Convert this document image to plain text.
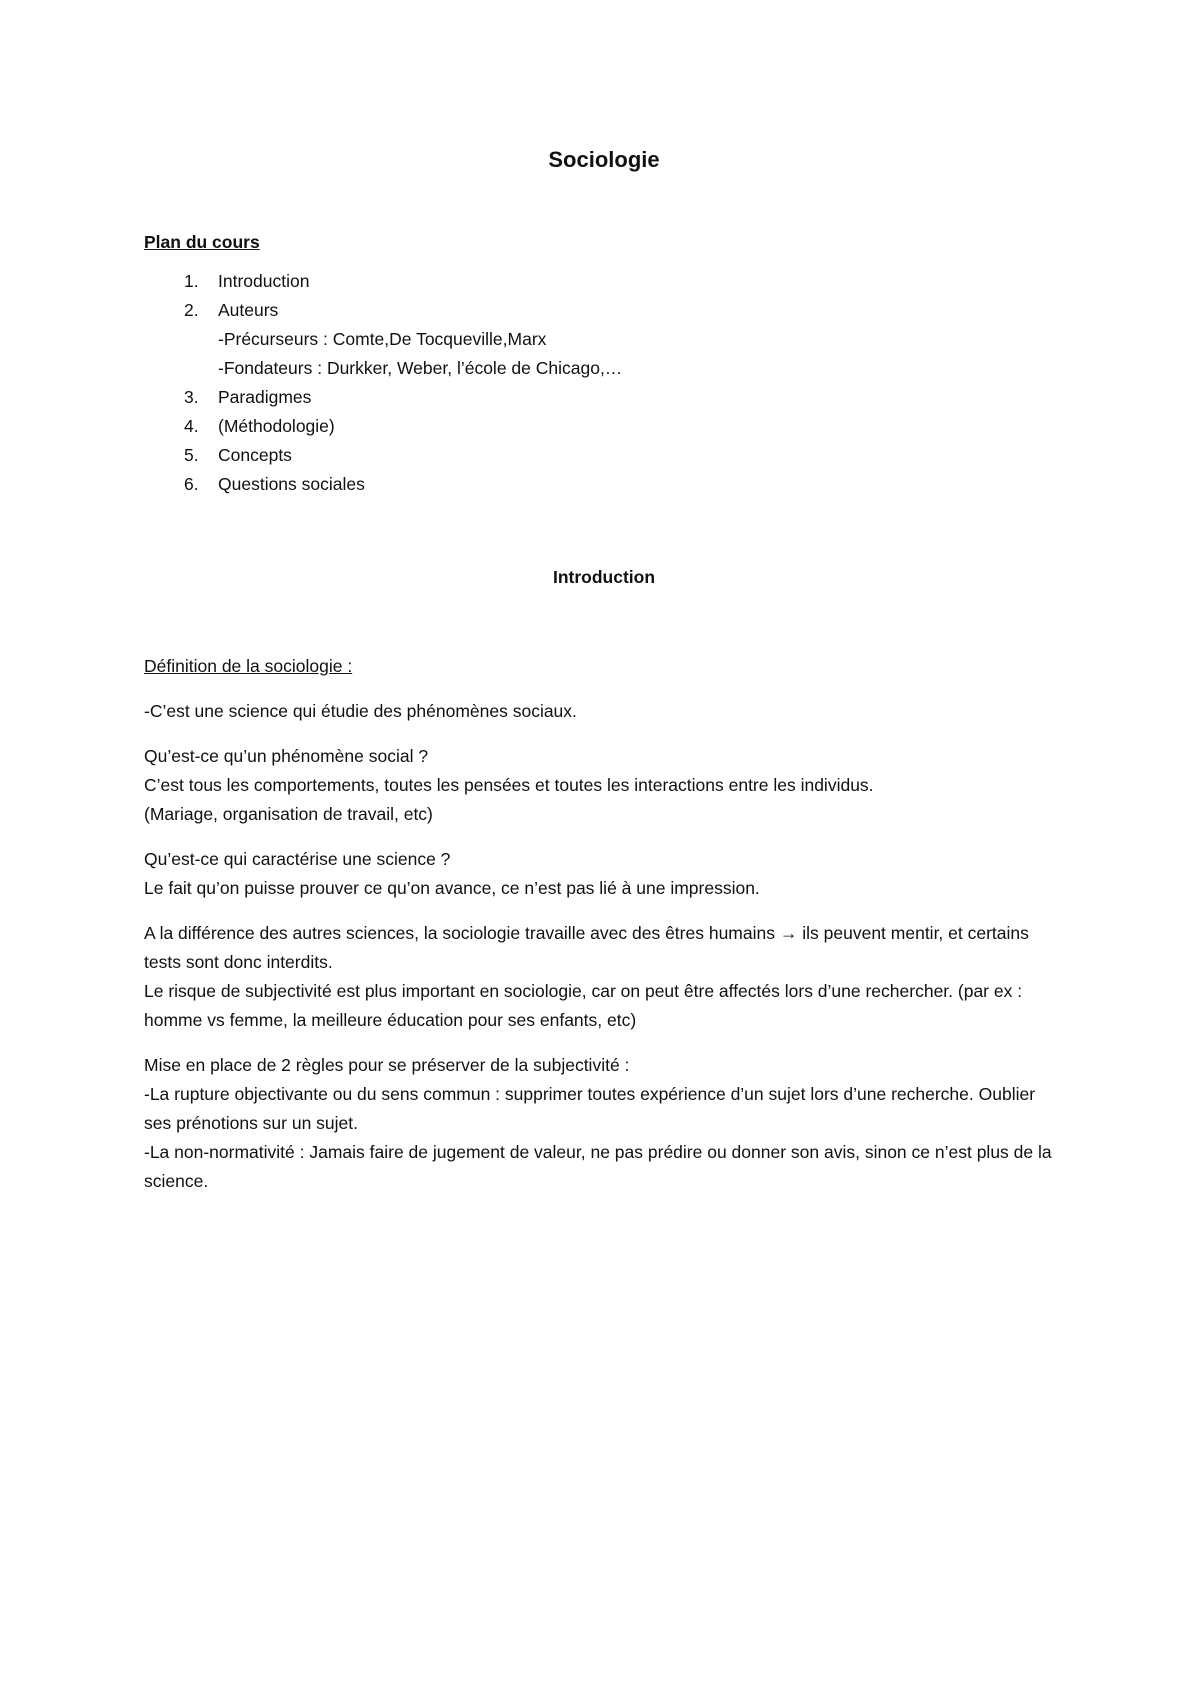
Sociologie
Plan du cours
1.	Introduction
2.	Auteurs
-Précurseurs : Comte,De Tocqueville,Marx
-Fondateurs : Durkker, Weber, l’école de Chicago,…
3.	Paradigmes
4.	(Méthodologie)
5.	Concepts
6.	Questions sociales
Introduction
Définition de la sociologie :

-C’est une science qui étudie des phénomènes sociaux.

Qu’est-ce qu’un phénomène social ?

C’est tous les comportements, toutes les pensées et toutes les interactions entre les individus.

(Mariage, organisation de travail, etc)

Qu’est-ce qui caractérise une science ?

Le fait qu’on puisse prouver ce qu’on avance, ce n’est pas lié à une impression.

A la différence des autres sciences, la sociologie travaille avec des êtres humains → ils peuvent mentir, et certains tests sont donc interdits.

Le risque de subjectivité est plus important en sociologie, car on peut être affectés lors d’une rechercher. (par ex : homme vs femme, la meilleure éducation pour ses enfants, etc)

Mise en place de 2 règles pour se préserver de la subjectivité :

-La rupture objectivante ou du sens commun : supprimer toutes expérience d’un sujet lors d’une recherche. Oublier ses prénotions sur un sujet.

-La non-normativité : Jamais faire de jugement de valeur, ne pas prédire ou donner son avis, sinon ce n’est plus de la science.
